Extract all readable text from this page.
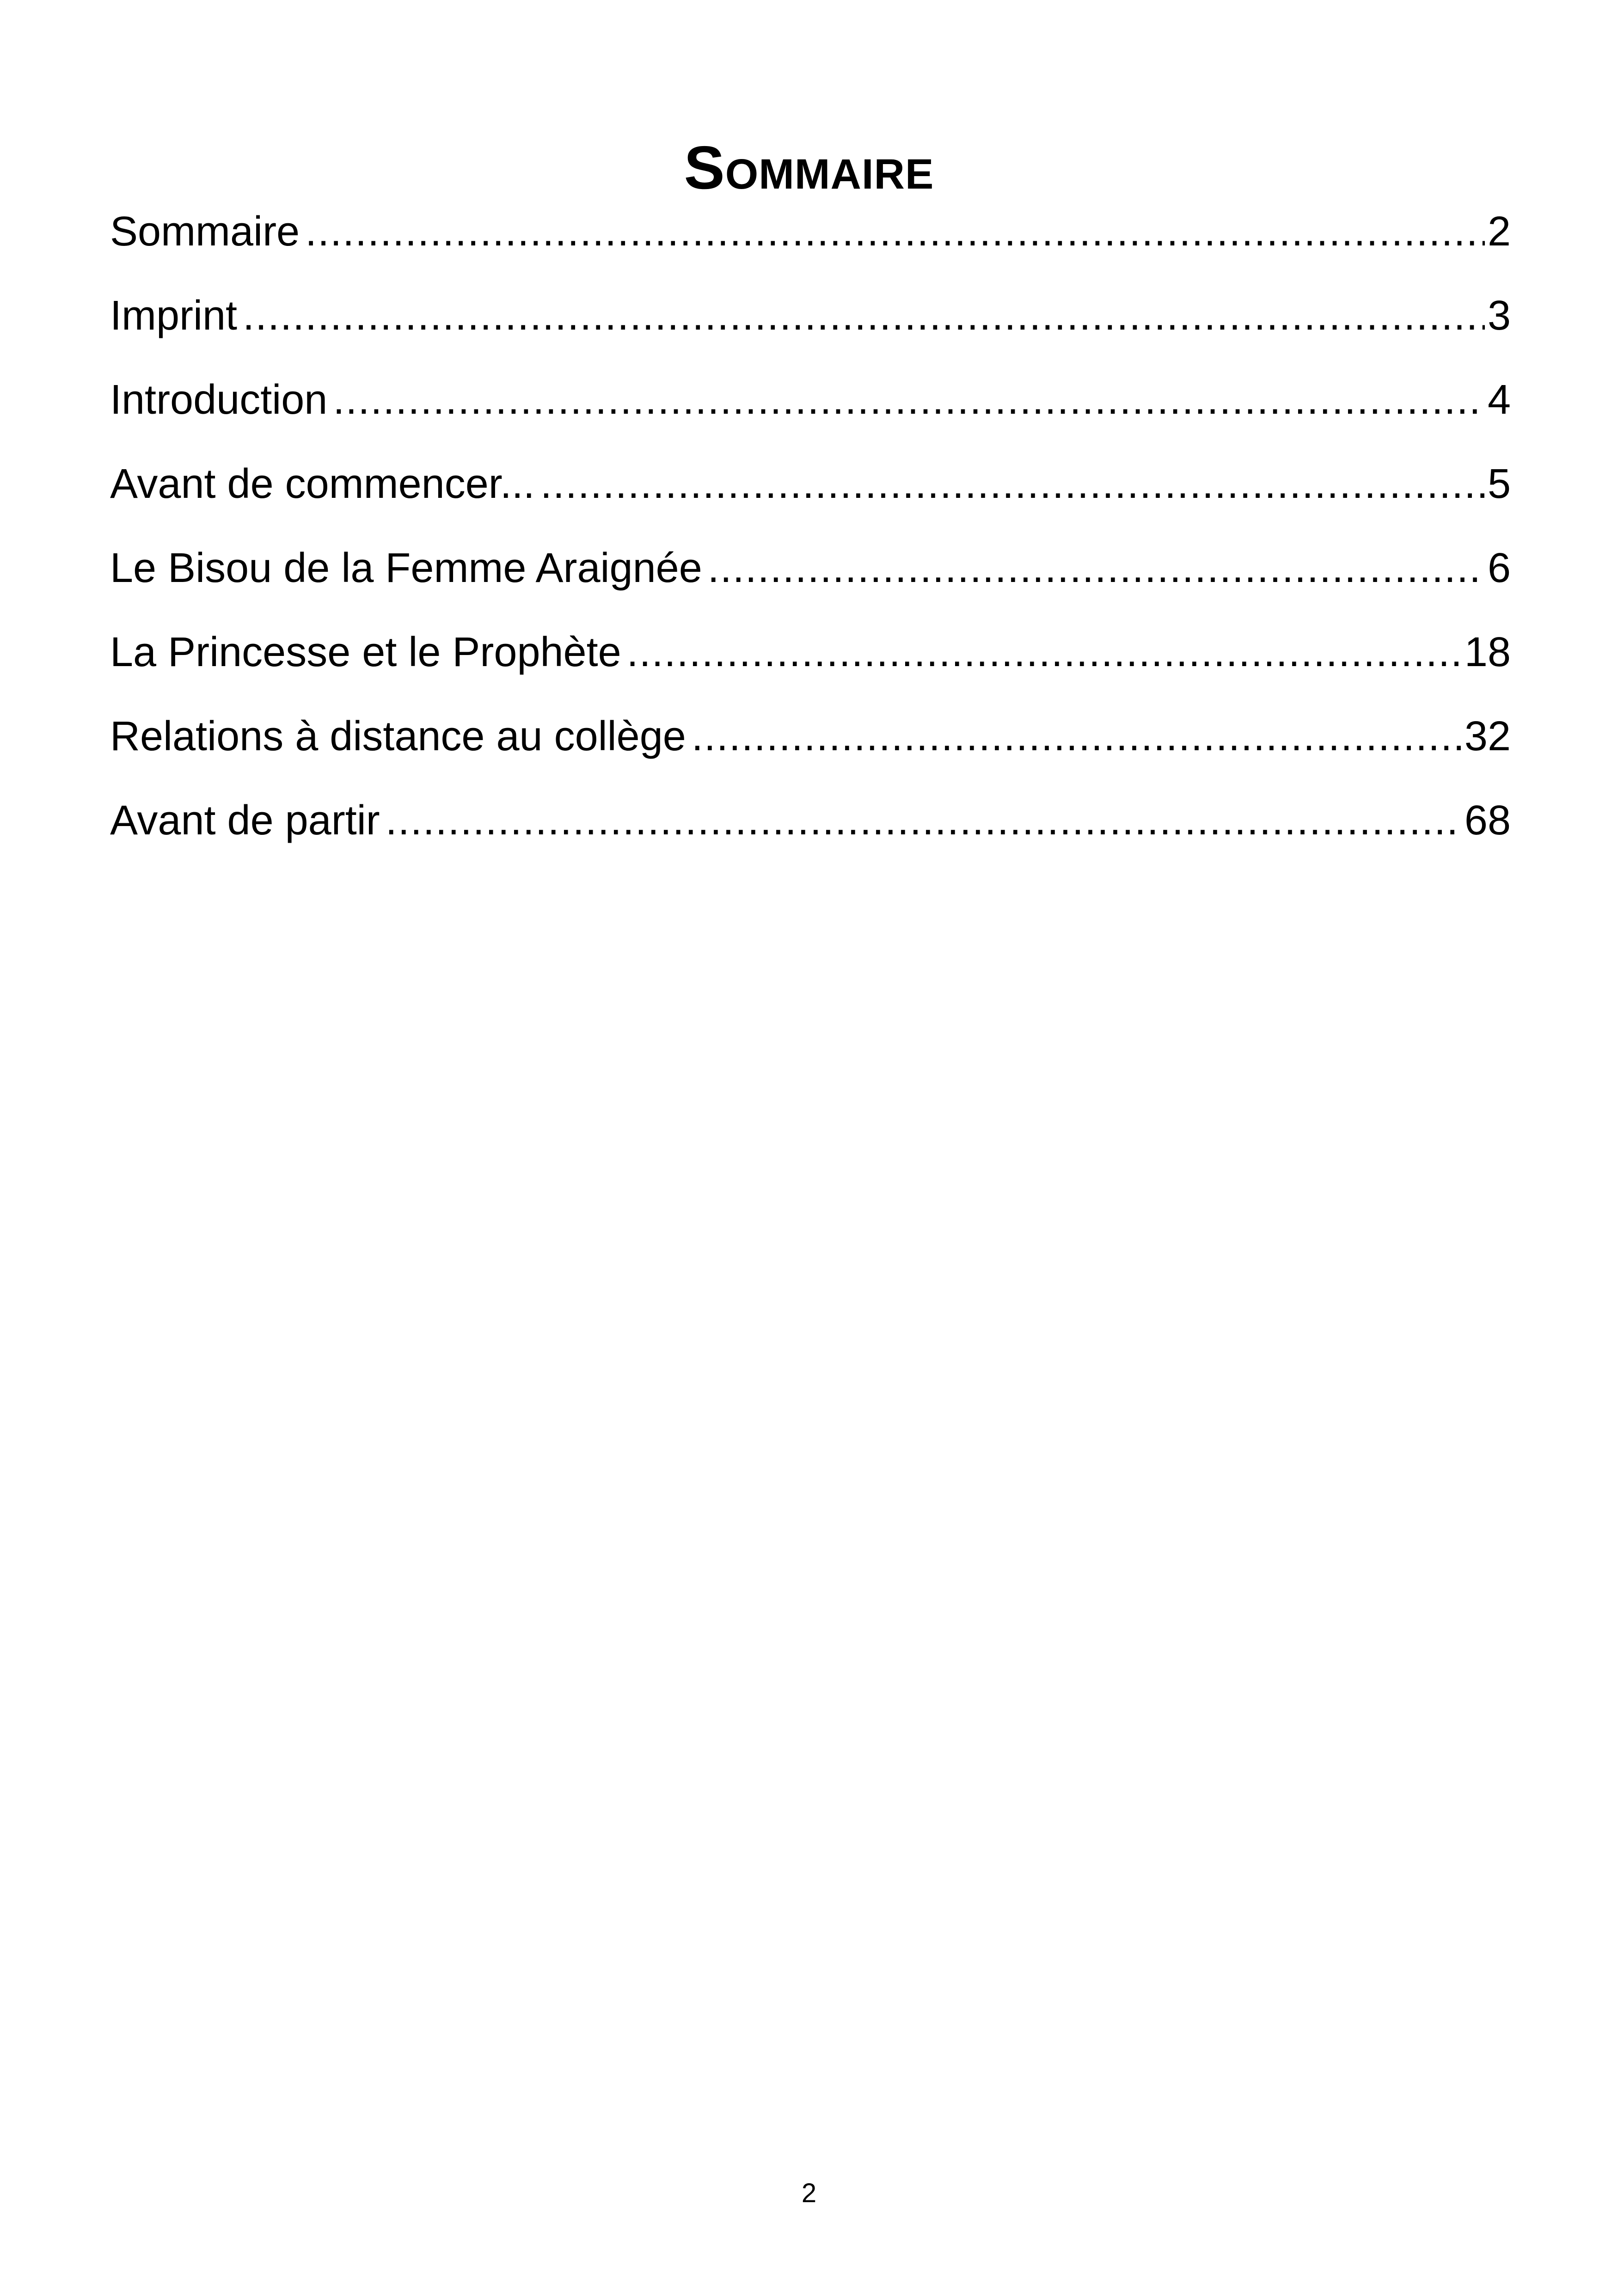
Sommaire
Sommaire .....	2
Imprint .....	3
Introduction .....	4
Avant de commencer... .....	5
Le Bisou de la Femme Araignée .....	6
La Princesse et le Prophète .....	18
Relations à distance au collège .....	32
Avant de partir .....	68
2
